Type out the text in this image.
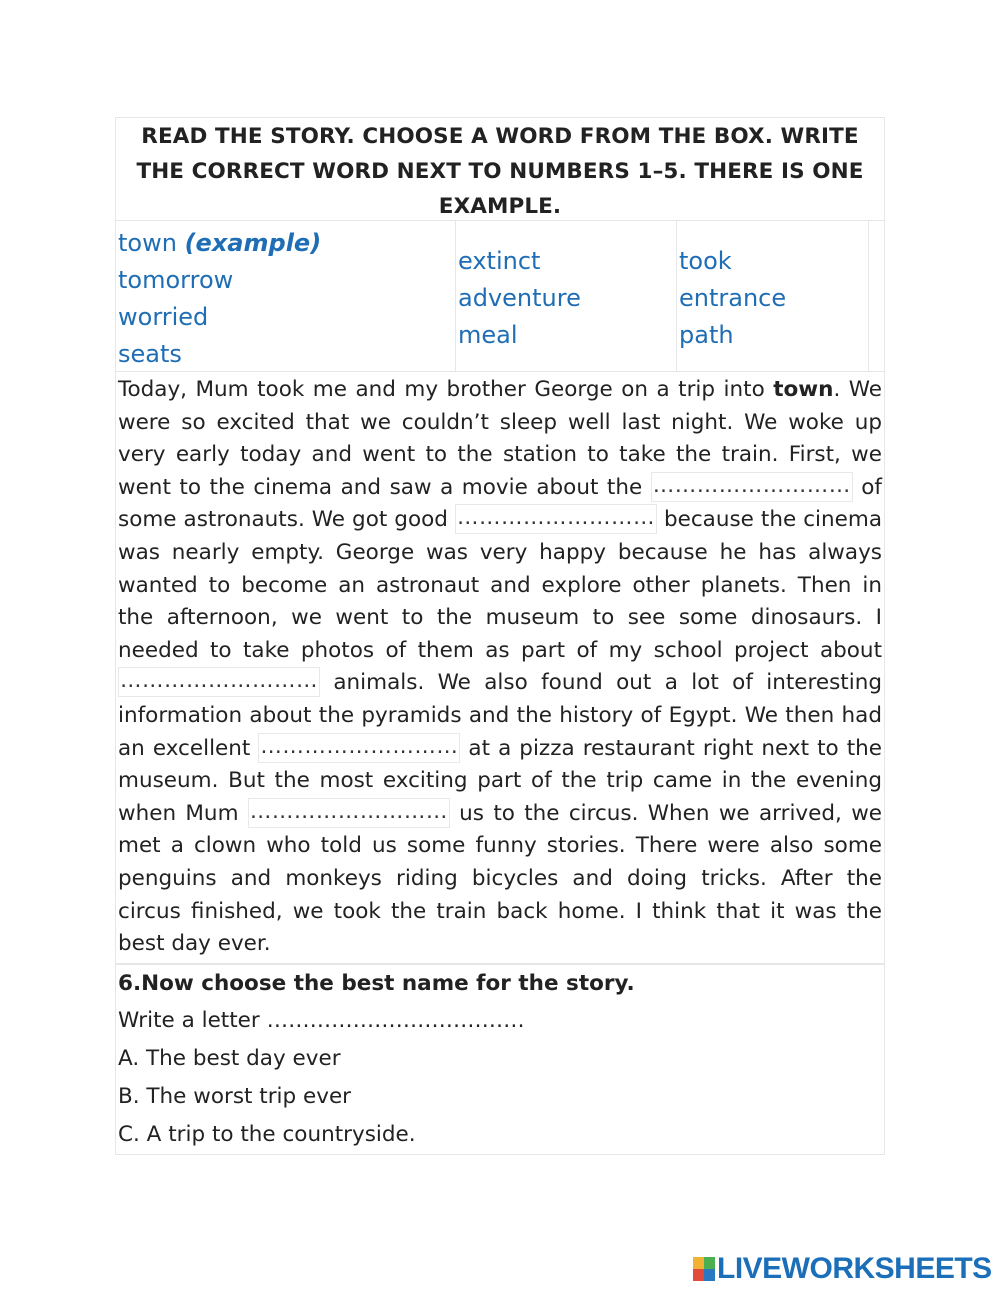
READ THE STORY. CHOOSE A WORD FROM THE BOX. WRITE THE CORRECT WORD NEXT TO NUMBERS 1–5. THERE IS ONE EXAMPLE.
town (example)
tomorrow
worried
seats
extinct
adventure
meal
took
entrance
path
Today, Mum took me and my brother George on a trip into town. We were so excited that we couldn’t sleep well last night. We woke up very early today and went to the station to take the train. First, we went to the cinema and saw a movie about the ……………………… of some astronauts. We got good ……………………… because the cinema was nearly empty. George was very happy because he has always wanted to become an astronaut and explore other planets. Then in the afternoon, we went to the museum to see some dinosaurs. I needed to take photos of them as part of my school project about ……………………… animals. We also found out a lot of interesting information about the pyramids and the history of Egypt. We then had an excellent ……………………… at a pizza restaurant right next to the museum. But the most exciting part of the trip came in the evening when Mum ……………………… us to the circus. When we arrived, we met a clown who told us some funny stories. There were also some penguins and monkeys riding bicycles and doing tricks. After the circus finished, we took the train back home. I think that it was the best day ever.
6.Now choose the best name for the story.
Write a letter ………………………………
A. The best day ever
B. The worst trip ever
C. A trip to the countryside.
LIVEWORKSHEETS
